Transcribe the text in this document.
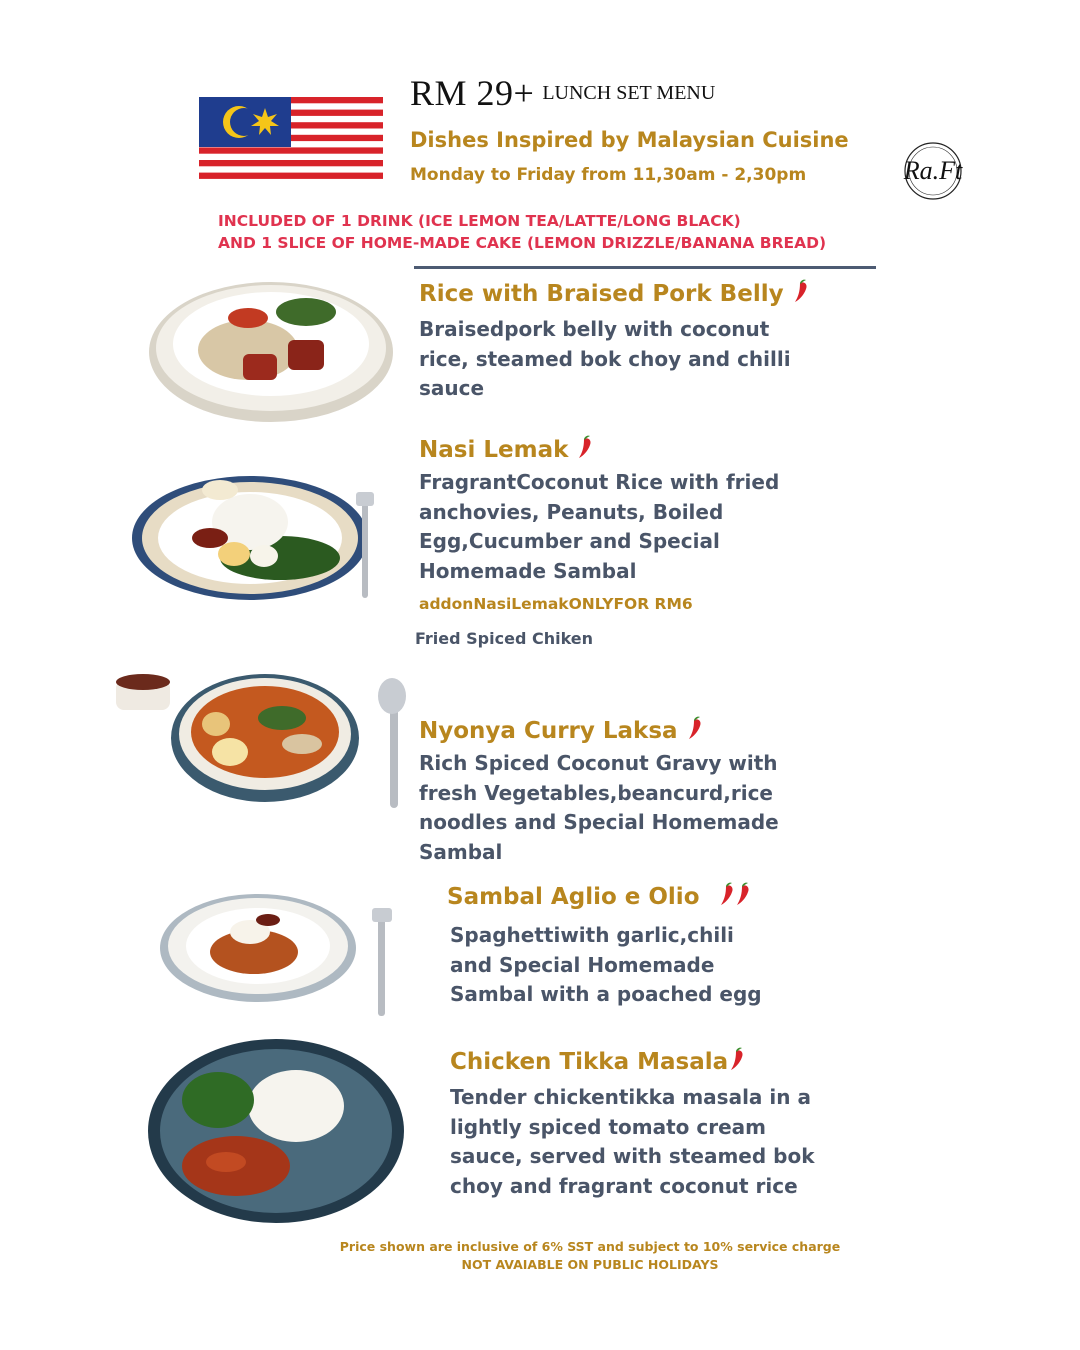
RM 29+ LUNCH SET MENU
Dishes Inspired by Malaysian Cuisine
Monday to Friday from 11,30am - 2,30pm	Ra.Ft
INCLUDED OF 1 DRINK (ICE LEMON TEA/LATTE/LONG BLACK)
AND 1 SLICE OF HOME-MADE CAKE (LEMON DRIZZLE/BANANA BREAD)
Rice with Braised Pork Belly
Braisedpork belly with coconut
rice, steamed bok choy and chilli
sauce
Nasi Lemak
FragrantCoconut Rice with fried
anchovies, Peanuts, Boiled
Egg,Cucumber and Special
Homemade Sambal
addonNasiLemakONLYFOR RM6
Fried Spiced Chiken
Nyonya Curry Laksa
Rich Spiced Coconut Gravy with
fresh Vegetables,beancurd,rice
noodles and Special Homemade
Sambal
Sambal Aglio e Olio
Spaghettiwith garlic,chili
and Special Homemade
Sambal with a poached egg
Chicken Tikka Masala
Tender chickentikka masala in a
lightly spiced tomato cream
sauce, served with steamed bok
choy and fragrant coconut rice
Price shown are inclusive of 6% SST and subject to 10% service charge
NOT AVAIABLE ON PUBLIC HOLIDAYS
